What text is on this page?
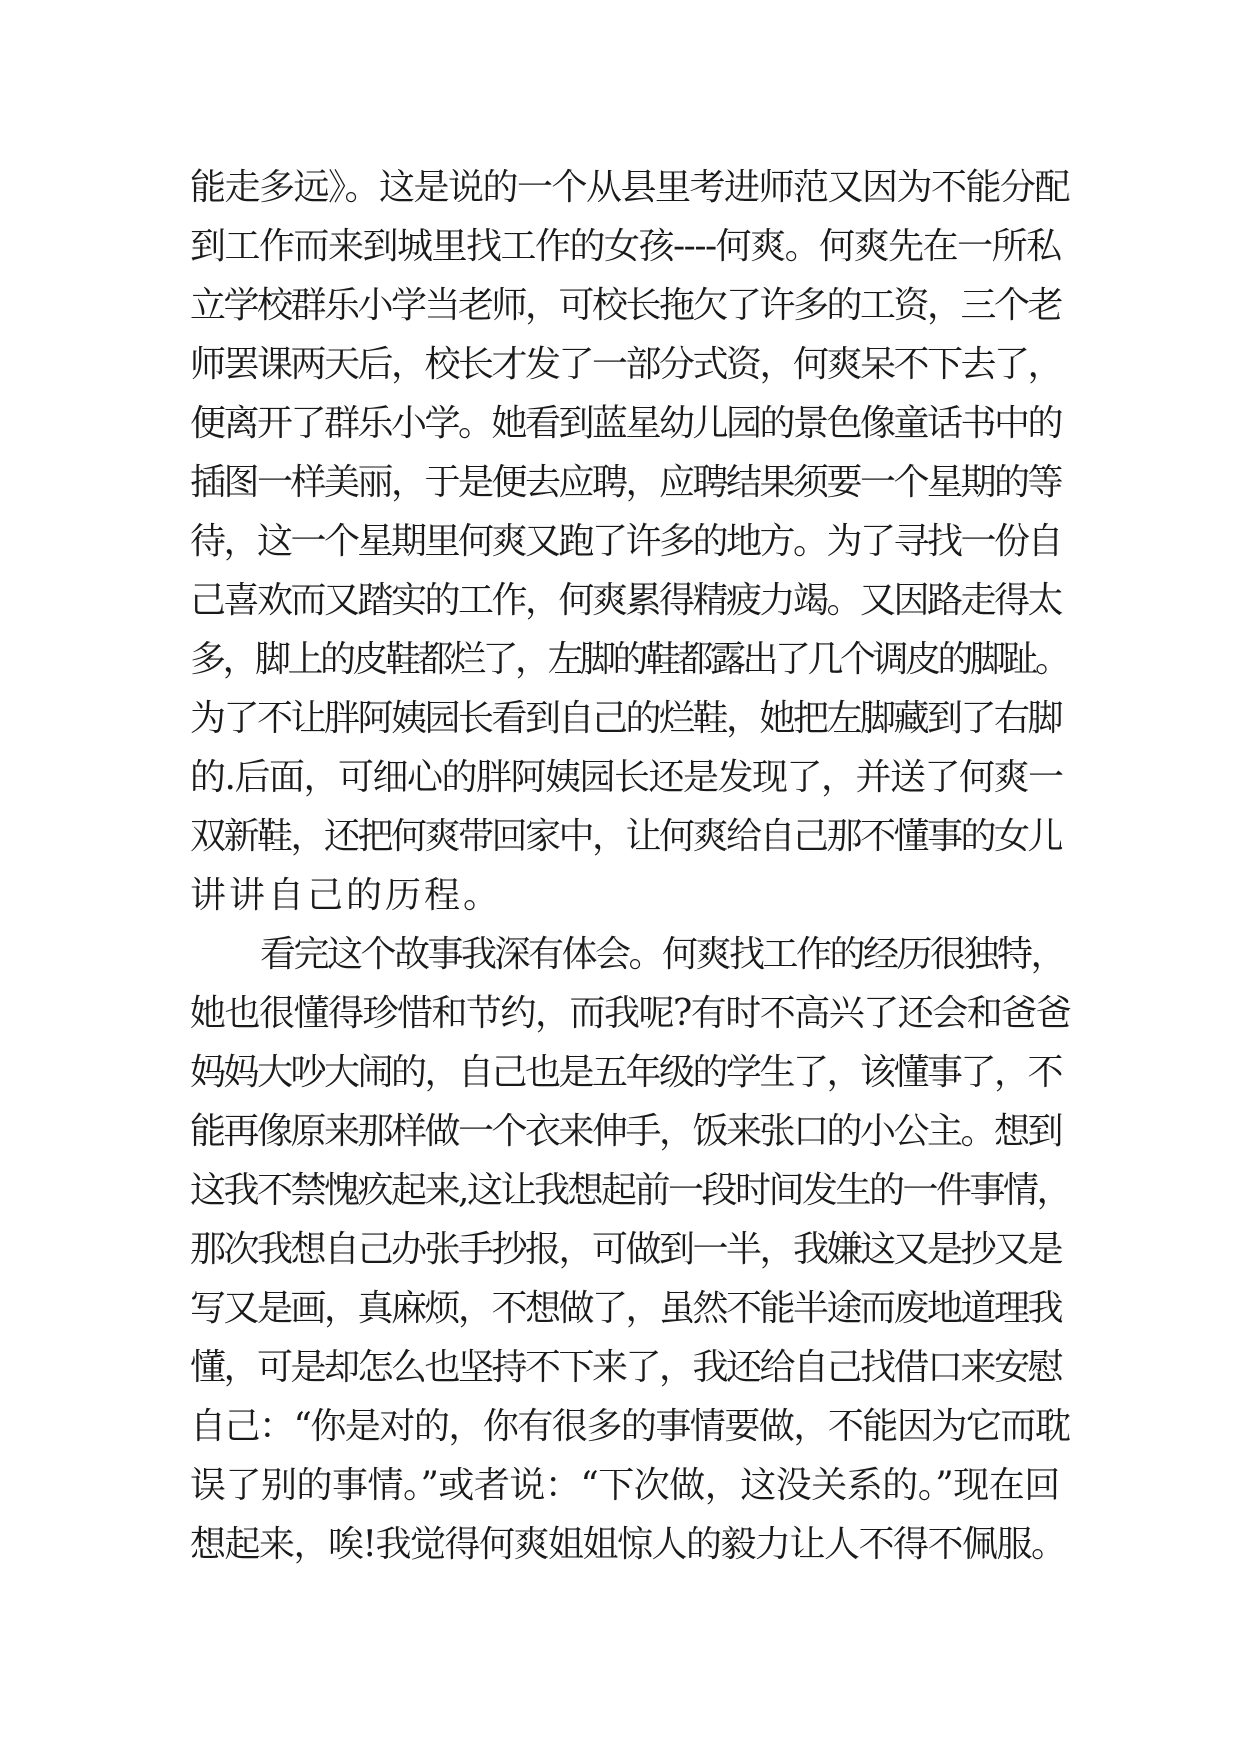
能走多远》。这是说的一个从县里考进师范又因为不能分配
到工作而来到城里找工作的女孩----何爽。何爽先在一所私
立学校群乐小学当老师，可校长拖欠了许多的工资，三个老
师罢课两天后，校长才发了一部分式资，何爽呆不下去了，
便离开了群乐小学。她看到蓝星幼儿园的景色像童话书中的
插图一样美丽，于是便去应聘，应聘结果须要一个星期的等
待，这一个星期里何爽又跑了许多的地方。为了寻找一份自
己喜欢而又踏实的工作，何爽累得精疲力竭。又因路走得太
多，脚上的皮鞋都烂了，左脚的鞋都露出了几个调皮的脚趾。
为了不让胖阿姨园长看到自己的烂鞋，她把左脚藏到了右脚
的.后面，可细心的胖阿姨园长还是发现了，并送了何爽一
双新鞋，还把何爽带回家中，让何爽给自己那不懂事的女儿
讲讲自己的历程。
看完这个故事我深有体会。何爽找工作的经历很独特，
她也很懂得珍惜和节约，而我呢?有时不高兴了还会和爸爸
妈妈大吵大闹的，自己也是五年级的学生了，该懂事了，不
能再像原来那样做一个衣来伸手，饭来张口的小公主。想到
这我不禁愧疚起来,这让我想起前一段时间发生的一件事情，
那次我想自己办张手抄报，可做到一半，我嫌这又是抄又是
写又是画，真麻烦，不想做了，虽然不能半途而废地道理我
懂，可是却怎么也坚持不下来了，我还给自己找借口来安慰
自己：“你是对的，你有很多的事情要做，不能因为它而耽
误了别的事情。”或者说：“下次做，这没关系的。”现在回
想起来，唉!我觉得何爽姐姐惊人的毅力让人不得不佩服。
